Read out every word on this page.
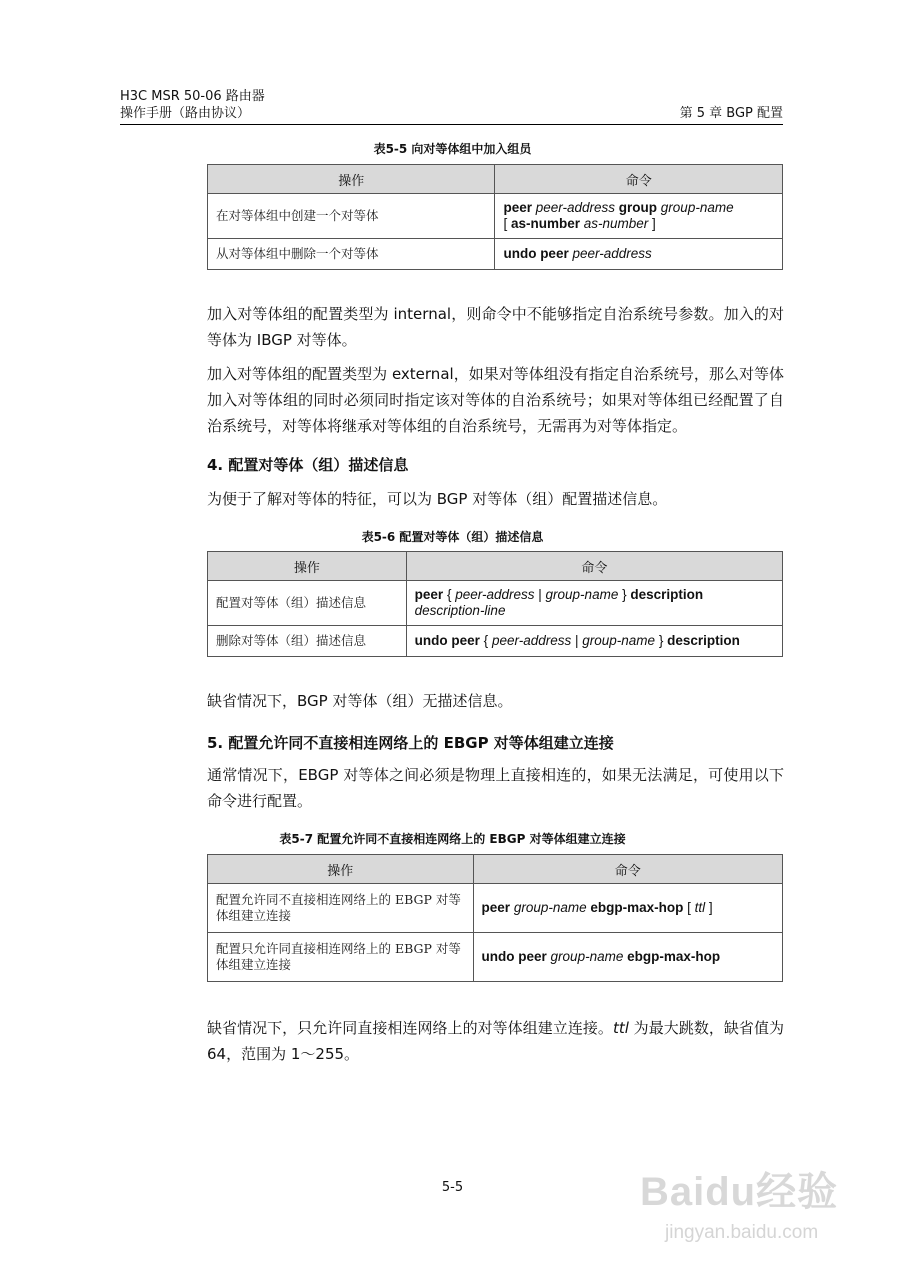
H3C MSR 50-06 路由器
操作手册（路由协议）	第 5 章 BGP 配置
表5-5 向对等体组中加入组员
操作	命令
在对等体组中创建一个对等体	peer peer-address group group-name
[ as-number as-number ]
从对等体组中删除一个对等体	undo peer peer-address
加入对等体组的配置类型为 internal，则命令中不能够指定自治系统号参数。加入的对等体为 IBGP 对等体。
加入对等体组的配置类型为 external，如果对等体组没有指定自治系统号，那么对等体加入对等体组的同时必须同时指定该对等体的自治系统号；如果对等体组已经配置了自治系统号，对等体将继承对等体组的自治系统号，无需再为对等体指定。
4. 配置对等体（组）描述信息
为便于了解对等体的特征，可以为 BGP 对等体（组）配置描述信息。
表5-6 配置对等体（组）描述信息
操作	命令
配置对等体（组）描述信息	peer { peer-address | group-name } description
description-line
删除对等体（组）描述信息	undo peer { peer-address | group-name } description
缺省情况下，BGP 对等体（组）无描述信息。
5. 配置允许同不直接相连网络上的 EBGP 对等体组建立连接
通常情况下，EBGP 对等体之间必须是物理上直接相连的，如果无法满足，可使用以下命令进行配置。
表5-7 配置允许同不直接相连网络上的 EBGP 对等体组建立连接
操作	命令
配置允许同不直接相连网络上的 EBGP 对等体组建立连接	peer group-name ebgp-max-hop [ ttl ]
配置只允许同直接相连网络上的 EBGP 对等体组建立连接	undo peer group-name ebgp-max-hop
缺省情况下，只允许同直接相连网络上的对等体组建立连接。ttl 为最大跳数，缺省值为 64，范围为 1～255。
5-5	Baidu经验
jingyan.baidu.com
